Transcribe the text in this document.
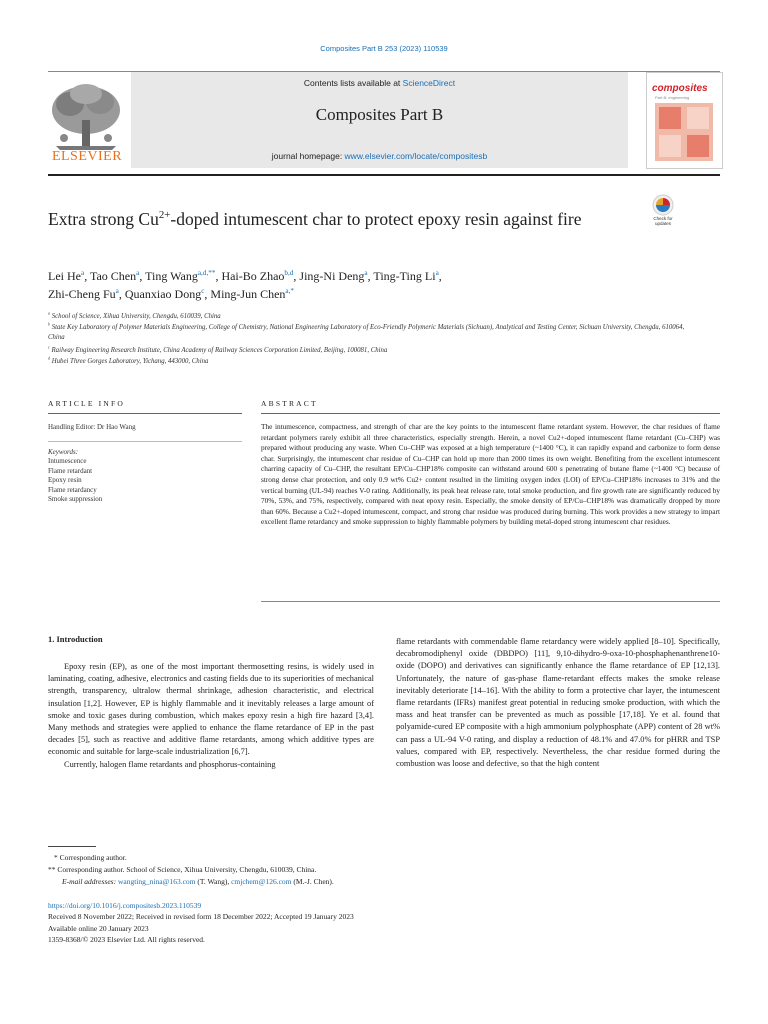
Composites Part B 253 (2023) 110539
ELSEVIER
Contents lists available at ScienceDirect
Composites Part B
journal homepage: www.elsevier.com/locate/compositesb
composites
Part B: engineering
Check for updates
Extra strong $Cu^{2+}$-doped intumescent char to protect epoxy resin against fire
Lei He$^a$, Tao Chen$^a$, Ting Wang$^{a,d,**}$, Hai-Bo Zhao$^{b,d}$, Jing-Ni Deng$^a$, Ting-Ting Li$^a$,
Zhi-Cheng Fu$^a$, Quanxiao Dong$^c$, Ming-Jun Chen$^{a,*}$
$^a$ School of Science, Xihua University, Chengdu, 610039, China
$^b$ State Key Laboratory of Polymer Materials Engineering, College of Chemistry, National Engineering Laboratory of Eco-Friendly Polymeric Materials (Sichuan), Analytical and Testing Center, Sichuan University, Chengdu, 610064, China
$^c$ Railway Engineering Research Institute, China Academy of Railway Sciences Corporation Limited, Beijing, 100081, China
$^d$ Hubei Three Gorges Laboratory, Yichang, 443000, China
ARTICLE INFO
Handling Editor: Dr Hao Wang
Keywords:
Intumescence
Flame retardant
Epoxy resin
Flame retardancy
Smoke suppression
ABSTRACT
The intumescence, compactness, and strength of char are the key points to the intumescent flame retardant system. However, the char residues of flame retardant polymers rarely exhibit all three characteristics, especially strength. Herein, a novel Cu2+-doped intumescent flame retardant (Cu–CHP) was prepared without producing any waste. When Cu–CHP was exposed at a high temperature (~1400 °C), it can rapidly expand and carbonize to form dense char. Surprisingly, the intumescent char residue of Cu–CHP can hold up more than 2000 times its own weight. Benefiting from the excellent intumescent charring capacity of Cu–CHP, the resultant EP/Cu–CHP18% composite can withstand around 600 s penetrating of butane flame (~1400 °C) because of strong dense char protection, and only 0.9 wt% Cu2+ content resulted in the limiting oxygen index (LOI) of EP/Cu–CHP18% increases to 31% and the vertical burning (UL-94) reaches V-0 rating. Additionally, its peak heat release rate, total smoke production, and fire growth rate are significantly reduced by 70%, 53%, and 75%, respectively, compared with neat epoxy resin. Especially, the smoke density of EP/Cu–CHP18% was dramatically dropped by more than 60%. Because a Cu2+-doped intumescent, compact, and strong char residue was produced during burning. This work provides a new strategy to impart excellent flame retardancy and smoke suppression to highly flammable polymers by building metal-doped strong intumescent char residues.
1. Introduction

Epoxy resin (EP), as one of the most important thermosetting resins, is widely used in laminating, coating, adhesive, electronics and casting fields due to its superiorities of mechanical strength, transparency, ultralow thermal shrinkage, adhesion characteristic, and electrical insulation [1,2]. However, EP is highly flammable and it inevitably releases a large amount of smoke and toxic gases during combustion, which makes epoxy resin a high fire hazard [3,4]. Many methods and strategies were applied to enhance the flame retardance of EP in the past decades [5], such as reactive and additive flame retardants, among which additive types are economic and suitable for large-scale industrialization [6,7].

Currently, halogen flame retardants and phosphorus-containing

flame retardants with commendable flame retardancy were widely applied [8–10]. Specifically, decabromodiphenyl oxide (DBDPO) [11], 9,10-dihydro-9-oxa-10-phosphaphenanthrene10-oxide (DOPO) and derivatives can significantly enhance the flame retardance of EP [12,13]. Unfortunately, the nature of gas-phase flame-retardant effects makes the smoke release inevitably deteriorate [14–16]. With the ability to form a protective char layer, the intumescent flame retardants (IFRs) manifest great potential in reducing smoke production, with which the mass and heat transfer can be prevented as much as possible [17,18]. Ye et al. found that polyamide-cured EP composite with a high ammonium polyphosphate (APP) content of 28 wt% can pass a UL-94 V-0 rating, and display a reduction of 48.1% and 47.0% for pHRR and TSP values, compared with EP, respectively. Nevertheless, the char residue formed during the combustion was loose and defective, so that the high content

* Corresponding author.
** Corresponding author. School of Science, Xihua University, Chengdu, 610039, China.
E-mail addresses: wangting_nina@163.com (T. Wang), cmjchem@126.com (M.-J. Chen).
https://doi.org/10.1016/j.compositesb.2023.110539
Received 8 November 2022; Received in revised form 18 December 2022; Accepted 19 January 2023
Available online 20 January 2023
1359-8368/© 2023 Elsevier Ltd. All rights reserved.
